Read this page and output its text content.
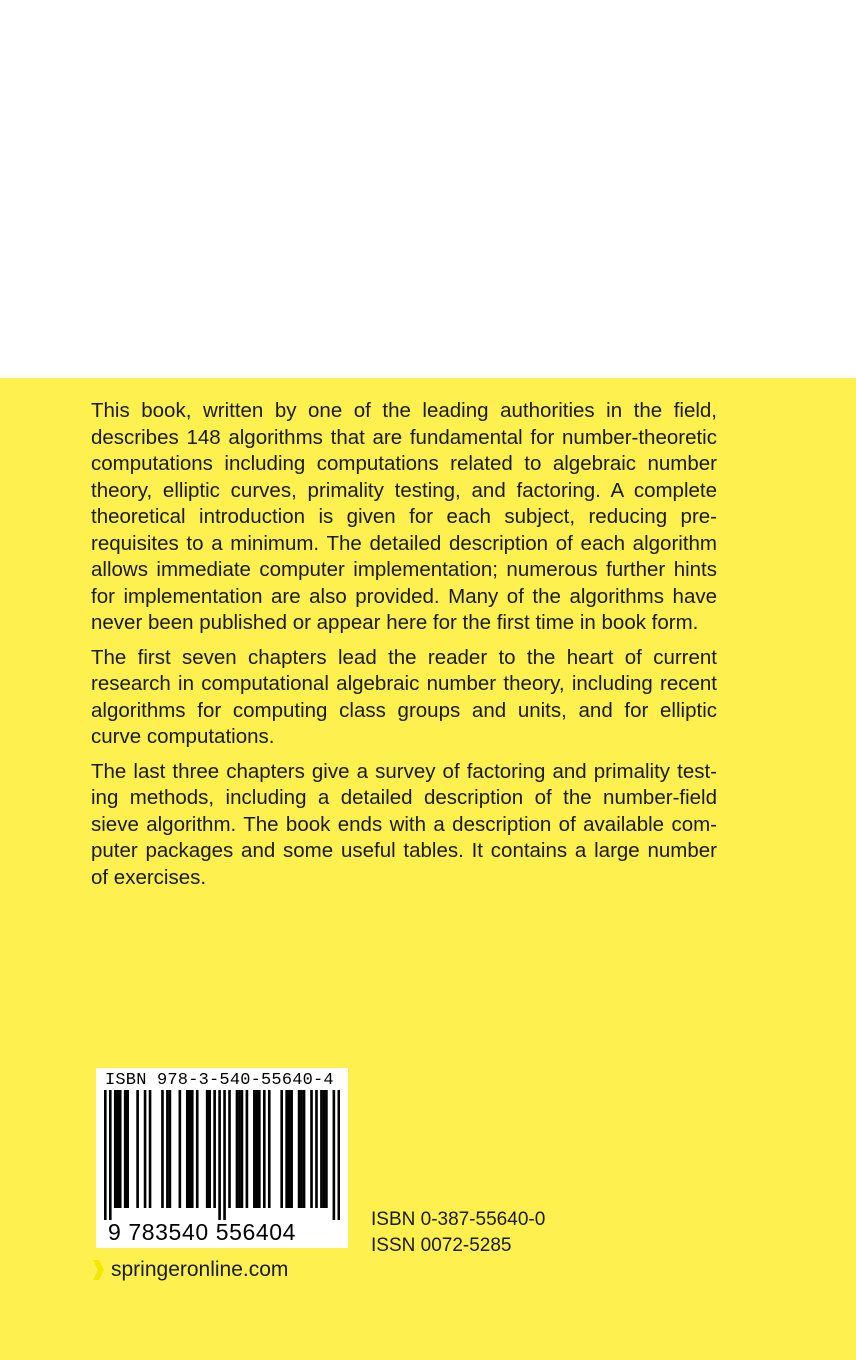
This book, written by one of the leading authorities in the field, describes 148 algorithms that are fundamental for number-theoretic computations including computations related to algebraic number theory, elliptic curves, primality testing, and factoring. A complete theoretical introduction is given for each subject, reducing prerequisites to a minimum. The detailed description of each algorithm allows immediate computer implementation; numerous further hints for implementation are also provided. Many of the algorithms have never been published or appear here for the first time in book form.

The first seven chapters lead the reader to the heart of current research in computational algebraic number theory, including recent algorithms for computing class groups and units, and for elliptic curve computations.

The last three chapters give a survey of factoring and primality testing methods, including a detailed description of the number-field sieve algorithm. The book ends with a description of available computer packages and some useful tables. It contains a large number of exercises.

ISBN 978-3-540-55640-4
9 783540 556404	ISBN 0-387-55640-0
ISSN 0072-5285
springeronline.com
